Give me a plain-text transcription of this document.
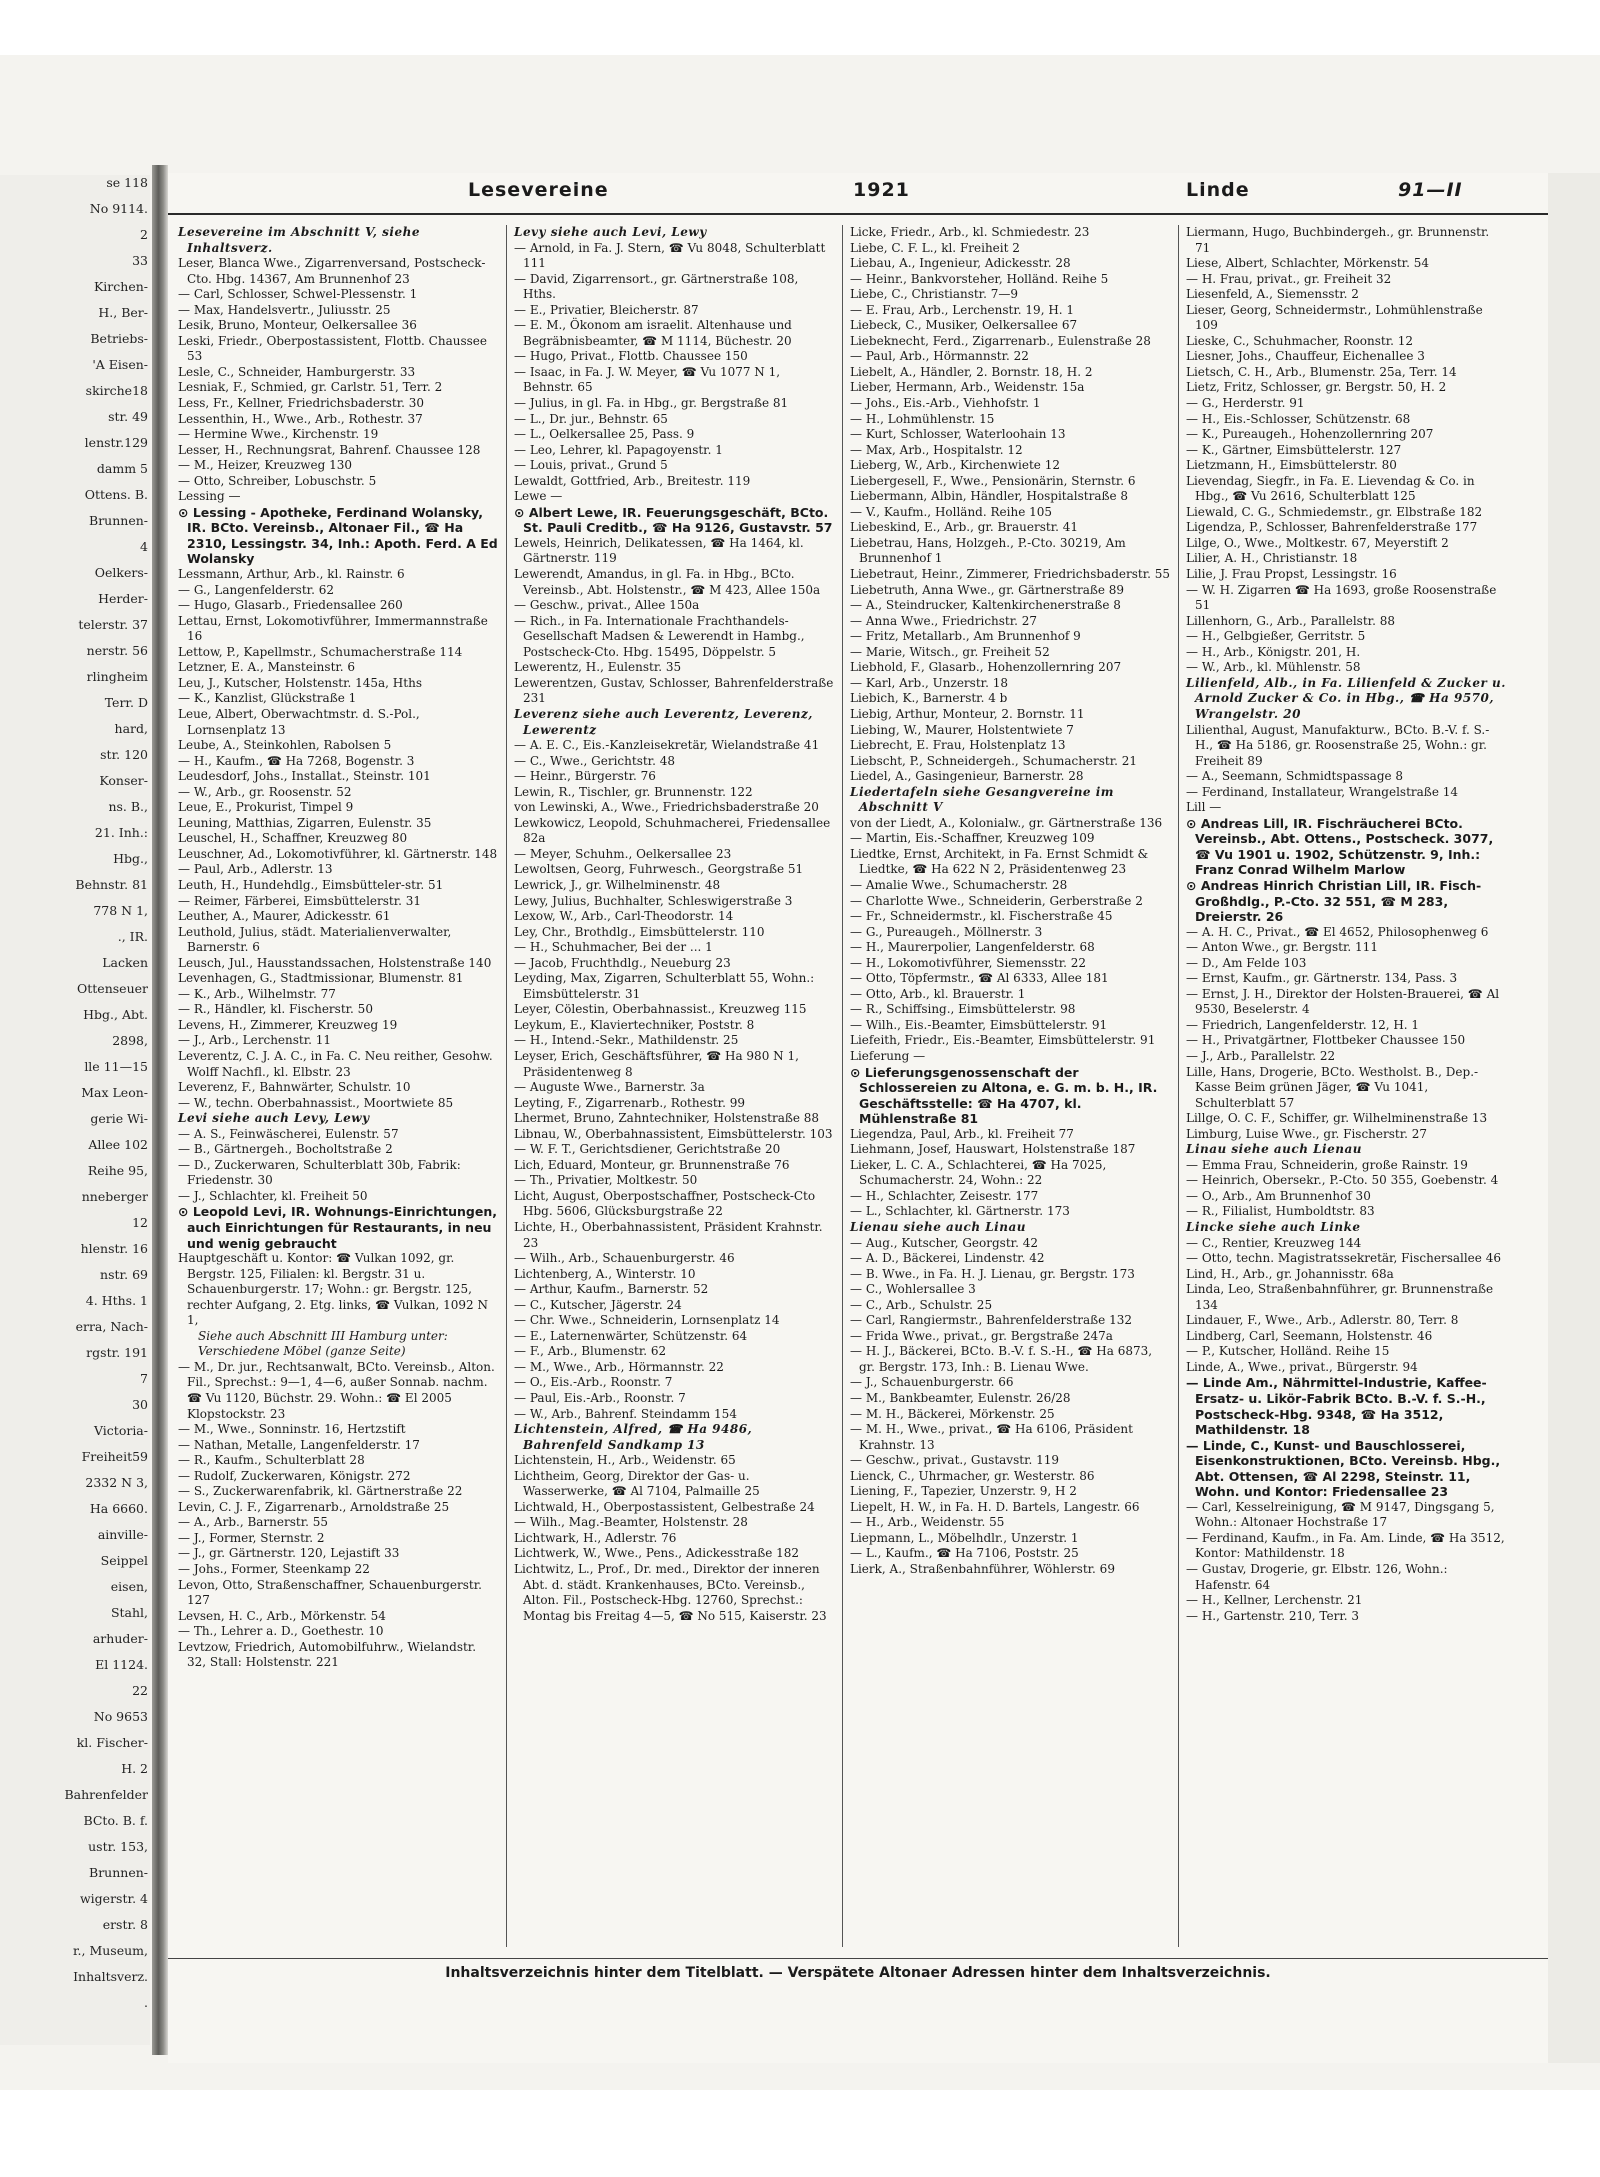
se 118
No 9114.
2
33
Kirchen-
H., Ber-
Betriebs-
'A Eisen-
skirche18
str. 49
lenstr.129
damm 5
Ottens. B.
Brunnen-
4
Oelkers-
Herder-
telerstr. 37
nerstr. 56
rlingheim
Terr. D
hard,
str. 120
Konser-
ns. B.,
21. Inh.:
Hbg.,
Behnstr. 81
778 N 1,
., IR.
Lacken
Ottenseuer
Hbg., Abt.
2898,
lle 11—15
Max Leon-
gerie Wi-
Allee 102
Reihe 95,
nneberger
12
hlenstr. 16
nstr. 69
4. Hths. 1
erra, Nach-
rgstr. 191
7
30
Victoria-
Freiheit59
2332 N 3,
Ha 6660.
ainville-
Seippel
eisen,
Stahl,
arhuder-
El 1124.
22
No 9653
kl. Fischer-
H. 2
Bahrenfelder
BCto. B. f.
ustr. 153,
Brunnen-
wigerstr. 4
erstr. 8
r., Museum,
Inhaltsverz.
.
Lesevereine	1921	Linde	91—II
Lesevereine im Abschnitt V, siehe Inhaltsverz.
Leser, Blanca Wwe., Zigarrenversand, Postscheck-Cto. Hbg. 14367, Am Brunnenhof 23
— Carl, Schlosser, Schwel-Plessenstr. 1
— Max, Handelsvertr., Juliusstr. 25
Lesik, Bruno, Monteur, Oelkersallee 36
Leski, Friedr., Oberpostassistent, Flottb. Chaussee 53
Lesle, C., Schneider, Hamburgerstr. 33
Lesniak, F., Schmied, gr. Carlstr. 51, Terr. 2
Less, Fr., Kellner, Friedrichsbaderstr. 30
Lessenthin, H., Wwe., Arb., Rothestr. 37
— Hermine Wwe., Kirchenstr. 19
Lesser, H., Rechnungsrat, Bahrenf. Chaussee 128
— M., Heizer, Kreuzweg 130
— Otto, Schreiber, Lobuschstr. 5
Lessing —
⊙ Lessing - Apotheke, Ferdinand Wolansky, IR. BCto. Vereinsb., Altonaer Fil., ☎ Ha 2310, Lessingstr. 34, Inh.: Apoth. Ferd. A Ed Wolansky
Lessmann, Arthur, Arb., kl. Rainstr. 6
— G., Langenfelderstr. 62
— Hugo, Glasarb., Friedensallee 260
Lettau, Ernst, Lokomotivführer, Immermannstraße 16
Lettow, P., Kapellmstr., Schumacherstraße 114
Letzner, E. A., Mansteinstr. 6
Leu, J., Kutscher, Holstenstr. 145a, Hths
— K., Kanzlist, Glückstraße 1
Leue, Albert, Oberwachtmstr. d. S.-Pol., Lornsenplatz 13
Leube, A., Steinkohlen, Rabolsen 5
— H., Kaufm., ☎ Ha 7268, Bogenstr. 3
Leudesdorf, Johs., Installat., Steinstr. 101
— W., Arb., gr. Roosenstr. 52
Leue, E., Prokurist, Timpel 9
Leuning, Matthias, Zigarren, Eulenstr. 35
Leuschel, H., Schaffner, Kreuzweg 80
Leuschner, Ad., Lokomotivführer, kl. Gärtnerstr. 148
— Paul, Arb., Adlerstr. 13
Leuth, H., Hundehdlg., Eimsbütteler-str. 51
— Reimer, Färberei, Eimsbüttelerstr. 31
Leuther, A., Maurer, Adickesstr. 61
Leuthold, Julius, städt. Materialienverwalter, Barnerstr. 6
Leusch, Jul., Hausstandssachen, Holstenstraße 140
Levenhagen, G., Stadtmissionar, Blumenstr. 81
— K., Arb., Wilhelmstr. 77
— R., Händler, kl. Fischerstr. 50
Levens, H., Zimmerer, Kreuzweg 19
— J., Arb., Lerchenstr. 11
Leverentz, C. J. A. C., in Fa. C. Neu reither, Gesohw. Wolff Nachfl., kl. Elbstr. 23
Leverenz, F., Bahnwärter, Schulstr. 10
— W., techn. Oberbahnassist., Moortwiete 85
Levi siehe auch Levy, Lewy
— A. S., Feinwäscherei, Eulenstr. 57
— B., Gärtnergeh., Bocholtstraße 2
— D., Zuckerwaren, Schulterblatt 30b, Fabrik: Friedenstr. 30
— J., Schlachter, kl. Freiheit 50
⊙ Leopold Levi, IR. Wohnungs-Einrichtungen, auch Einrichtungen für Restaurants, in neu und wenig gebraucht
Hauptgeschäft u. Kontor: ☎ Vulkan 1092, gr. Bergstr. 125, Filialen: kl. Bergstr. 31 u. Schauenburgerstr. 17; Wohn.: gr. Bergstr. 125, rechter Aufgang, 2. Etg. links, ☎ Vulkan, 1092 N 1,
Siehe auch Abschnitt III Hamburg unter: Verschiedene Möbel (ganze Seite)
— M., Dr. jur., Rechtsanwalt, BCto. Vereinsb., Alton. Fil., Sprechst.: 9—1, 4—6, außer Sonnab. nachm. ☎ Vu 1120, Büchstr. 29. Wohn.: ☎ El 2005 Klopstockstr. 23
— M., Wwe., Sonninstr. 16, Hertzstift
— Nathan, Metalle, Langenfelderstr. 17
— R., Kaufm., Schulterblatt 28
— Rudolf, Zuckerwaren, Königstr. 272
— S., Zuckerwarenfabrik, kl. Gärtnerstraße 22
Levin, C. J. F., Zigarrenarb., Arnoldstraße 25
— A., Arb., Barnerstr. 55
— J., Former, Sternstr. 2
— J., gr. Gärtnerstr. 120, Lejastift 33
— Johs., Former, Steenkamp 22
Levon, Otto, Straßenschaffner, Schauenburgerstr. 127
Levsen, H. C., Arb., Mörkenstr. 54
— Th., Lehrer a. D., Goethestr. 10
Levtzow, Friedrich, Automobilfuhrw., Wielandstr. 32, Stall: Holstenstr. 221
Levy siehe auch Levi, Lewy
— Arnold, in Fa. J. Stern, ☎ Vu 8048, Schulterblatt 111
— David, Zigarrensort., gr. Gärtnerstraße 108, Hths.
— E., Privatier, Bleicherstr. 87
— E. M., Ökonom am israelit. Altenhause und Begräbnisbeamter, ☎ M 1114, Büchestr. 20
— Hugo, Privat., Flottb. Chaussee 150
— Isaac, in Fa. J. W. Meyer, ☎ Vu 1077 N 1, Behnstr. 65
— Julius, in gl. Fa. in Hbg., gr. Bergstraße 81
— L., Dr. jur., Behnstr. 65
— L., Oelkersallee 25, Pass. 9
— Leo, Lehrer, kl. Papagoyenstr. 1
— Louis, privat., Grund 5
Lewaldt, Gottfried, Arb., Breitestr. 119
Lewe —
⊙ Albert Lewe, IR. Feuerungsgeschäft, BCto. St. Pauli Creditb., ☎ Ha 9126, Gustavstr. 57
Lewels, Heinrich, Delikatessen, ☎ Ha 1464, kl. Gärtnerstr. 119
Lewerendt, Amandus, in gl. Fa. in Hbg., BCto. Vereinsb., Abt. Holstenstr., ☎ M 423, Allee 150a
— Geschw., privat., Allee 150a
— Rich., in Fa. Internationale Frachthandels-Gesellschaft Madsen & Lewerendt in Hambg., Postscheck-Cto. Hbg. 15495, Döppelstr. 5
Lewerentz, H., Eulenstr. 35
Lewerentzen, Gustav, Schlosser, Bahrenfelderstraße 231
Leverenz siehe auch Leverentz, Leverenz, Lewerentz
— A. E. C., Eis.-Kanzleisekretär, Wielandstraße 41
— C., Wwe., Gerichtstr. 48
— Heinr., Bürgerstr. 76
Lewin, R., Tischler, gr. Brunnenstr. 122
von Lewinski, A., Wwe., Friedrichsbaderstraße 20
Lewkowicz, Leopold, Schuhmacherei, Friedensallee 82a
— Meyer, Schuhm., Oelkersallee 23
Lewoltsen, Georg, Fuhrwesch., Georgstraße 51
Lewrick, J., gr. Wilhelminenstr. 48
Lewy, Julius, Buchhalter, Schleswigerstraße 3
Lexow, W., Arb., Carl-Theodorstr. 14
Ley, Chr., Brothdlg., Eimsbüttelerstr. 110
— H., Schuhmacher, Bei der ... 1
— Jacob, Fruchthdlg., Neueburg 23
Leyding, Max, Zigarren, Schulterblatt 55, Wohn.: Eimsbüttelerstr. 31
Leyer, Cölestin, Oberbahnassist., Kreuzweg 115
Leykum, E., Klaviertechniker, Poststr. 8
— H., Intend.-Sekr., Mathildenstr. 25
Leyser, Erich, Geschäftsführer, ☎ Ha 980 N 1, Präsidentenweg 8
— Auguste Wwe., Barnerstr. 3a
Leyting, F., Zigarrenarb., Rothestr. 99
Lhermet, Bruno, Zahntechniker, Holstenstraße 88
Libnau, W., Oberbahnassistent, Eimsbüttelerstr. 103
— W. F. T., Gerichtsdiener, Gerichtstraße 20
Lich, Eduard, Monteur, gr. Brunnenstraße 76
— Th., Privatier, Moltkestr. 50
Licht, August, Oberpostschaffner, Postscheck-Cto Hbg. 5606, Glücksburgstraße 22
Lichte, H., Oberbahnassistent, Präsident Krahnstr. 23
— Wilh., Arb., Schauenburgerstr. 46
Lichtenberg, A., Winterstr. 10
— Arthur, Kaufm., Barnerstr. 52
— C., Kutscher, Jägerstr. 24
— Chr. Wwe., Schneiderin, Lornsenplatz 14
— E., Laternenwärter, Schützenstr. 64
— F., Arb., Blumenstr. 62
— M., Wwe., Arb., Hörmannstr. 22
— O., Eis.-Arb., Roonstr. 7
— Paul, Eis.-Arb., Roonstr. 7
— W., Arb., Bahrenf. Steindamm 154
Lichtenstein, Alfred, ☎ Ha 9486, Bahrenfeld Sandkamp 13
Lichtenstein, H., Arb., Weidenstr. 65
Lichtheim, Georg, Direktor der Gas- u. Wasserwerke, ☎ Al 7104, Palmaille 25
Lichtwald, H., Oberpostassistent, Gelbestraße 24
— Wilh., Mag.-Beamter, Holstenstr. 28
Lichtwark, H., Adlerstr. 76
Lichtwerk, W., Wwe., Pens., Adickesstraße 182
Lichtwitz, L., Prof., Dr. med., Direktor der inneren Abt. d. städt. Krankenhauses, BCto. Vereinsb., Alton. Fil., Postscheck-Hbg. 12760, Sprechst.: Montag bis Freitag 4—5, ☎ No 515, Kaiserstr. 23
Licke, Friedr., Arb., kl. Schmiedestr. 23
Liebe, C. F. L., kl. Freiheit 2
Liebau, A., Ingenieur, Adickesstr. 28
— Heinr., Bankvorsteher, Holländ. Reihe 5
Liebe, C., Christianstr. 7—9
— E. Frau, Arb., Lerchenstr. 19, H. 1
Liebeck, C., Musiker, Oelkersallee 67
Liebeknecht, Ferd., Zigarrenarb., Eulenstraße 28
— Paul, Arb., Hörmannstr. 22
Liebelt, A., Händler, 2. Bornstr. 18, H. 2
Lieber, Hermann, Arb., Weidenstr. 15a
— Johs., Eis.-Arb., Viehhofstr. 1
— H., Lohmühlenstr. 15
— Kurt, Schlosser, Waterloohain 13
— Max, Arb., Hospitalstr. 12
Lieberg, W., Arb., Kirchenwiete 12
Liebergesell, F., Wwe., Pensionärin, Sternstr. 6
Liebermann, Albin, Händler, Hospitalstraße 8
— V., Kaufm., Holländ. Reihe 105
Liebeskind, E., Arb., gr. Brauerstr. 41
Liebetrau, Hans, Holzgeh., P.-Cto. 30219, Am Brunnenhof 1
Liebetraut, Heinr., Zimmerer, Friedrichsbaderstr. 55
Liebetruth, Anna Wwe., gr. Gärtnerstraße 89
— A., Steindrucker, Kaltenkirchenerstraße 8
— Anna Wwe., Friedrichstr. 27
— Fritz, Metallarb., Am Brunnenhof 9
— Marie, Witsch., gr. Freiheit 52
Liebhold, F., Glasarb., Hohenzollernring 207
— Karl, Arb., Unzerstr. 18
Liebich, K., Barnerstr. 4 b
Liebig, Arthur, Monteur, 2. Bornstr. 11
Liebing, W., Maurer, Holstentwiete 7
Liebrecht, E. Frau, Holstenplatz 13
Liebscht, P., Schneidergeh., Schumacherstr. 21
Liedel, A., Gasingenieur, Barnerstr. 28
Liedertafeln siehe Gesangvereine im Abschnitt V
von der Liedt, A., Kolonialw., gr. Gärtnerstraße 136
— Martin, Eis.-Schaffner, Kreuzweg 109
Liedtke, Ernst, Architekt, in Fa. Ernst Schmidt & Liedtke, ☎ Ha 622 N 2, Präsidentenweg 23
— Amalie Wwe., Schumacherstr. 28
— Charlotte Wwe., Schneiderin, Gerberstraße 2
— Fr., Schneidermstr., kl. Fischerstraße 45
— G., Pureaugeh., Möllnerstr. 3
— H., Maurerpolier, Langenfelderstr. 68
— H., Lokomotivführer, Siemensstr. 22
— Otto, Töpfermstr., ☎ Al 6333, Allee 181
— Otto, Arb., kl. Brauerstr. 1
— R., Schiffsing., Eimsbüttelerstr. 98
— Wilh., Eis.-Beamter, Eimsbüttelerstr. 91
Liefeith, Friedr., Eis.-Beamter, Eimsbüttelerstr. 91
Lieferung —
⊙ Lieferungsgenossenschaft der Schlossereien zu Altona, e. G. m. b. H., IR. Geschäftsstelle: ☎ Ha 4707, kl. Mühlenstraße 81
Liegendza, Paul, Arb., kl. Freiheit 77
Liehmann, Josef, Hauswart, Holstenstraße 187
Lieker, L. C. A., Schlachterei, ☎ Ha 7025, Schumacherstr. 24, Wohn.: 22
— H., Schlachter, Zeisestr. 177
— L., Schlachter, kl. Gärtnerstr. 173
Lienau siehe auch Linau
— Aug., Kutscher, Georgstr. 42
— A. D., Bäckerei, Lindenstr. 42
— B. Wwe., in Fa. H. J. Lienau, gr. Bergstr. 173
— C., Wohlersallee 3
— C., Arb., Schulstr. 25
— Carl, Rangiermstr., Bahrenfelderstraße 132
— Frida Wwe., privat., gr. Bergstraße 247a
— H. J., Bäckerei, BCto. B.-V. f. S.-H., ☎ Ha 6873, gr. Bergstr. 173, Inh.: B. Lienau Wwe.
— J., Schauenburgerstr. 66
— M., Bankbeamter, Eulenstr. 26/28
— M. H., Bäckerei, Mörkenstr. 25
— M. H., Wwe., privat., ☎ Ha 6106, Präsident Krahnstr. 13
— Geschw., privat., Gustavstr. 119
Lienck, C., Uhrmacher, gr. Westerstr. 86
Liening, F., Tapezier, Unzerstr. 9, H 2
Liepelt, H. W., in Fa. H. D. Bartels, Langestr. 66
— H., Arb., Weidenstr. 55
Liepmann, L., Möbelhdlr., Unzerstr. 1
— L., Kaufm., ☎ Ha 7106, Poststr. 25
Lierk, A., Straßenbahnführer, Wöhlerstr. 69
Liermann, Hugo, Buchbindergeh., gr. Brunnenstr. 71
Liese, Albert, Schlachter, Mörkenstr. 54
— H. Frau, privat., gr. Freiheit 32
Liesenfeld, A., Siemensstr. 2
Lieser, Georg, Schneidermstr., Lohmühlenstraße 109
Lieske, C., Schuhmacher, Roonstr. 12
Liesner, Johs., Chauffeur, Eichenallee 3
Lietsch, C. H., Arb., Blumenstr. 25a, Terr. 14
Lietz, Fritz, Schlosser, gr. Bergstr. 50, H. 2
— G., Herderstr. 91
— H., Eis.-Schlosser, Schützenstr. 68
— K., Pureaugeh., Hohenzollernring 207
— K., Gärtner, Eimsbüttelerstr. 127
Lietzmann, H., Eimsbüttelerstr. 80
Lievendag, Siegfr., in Fa. E. Lievendag & Co. in Hbg., ☎ Vu 2616, Schulterblatt 125
Liewald, C. G., Schmiedemstr., gr. Elbstraße 182
Ligendza, P., Schlosser, Bahrenfelderstraße 177
Lilge, O., Wwe., Moltkestr. 67, Meyerstift 2
Lilier, A. H., Christianstr. 18
Lilie, J. Frau Propst, Lessingstr. 16
— W. H. Zigarren ☎ Ha 1693, große Roosenstraße 51
Lillenhorn, G., Arb., Parallelstr. 88
— H., Gelbgießer, Gerritstr. 5
— H., Arb., Königstr. 201, H.
— W., Arb., kl. Mühlenstr. 58
Lilienfeld, Alb., in Fa. Lilienfeld & Zucker u. Arnold Zucker & Co. in Hbg., ☎ Ha 9570, Wrangelstr. 20
Lilienthal, August, Manufakturw., BCto. B.-V. f. S.-H., ☎ Ha 5186, gr. Roosenstraße 25, Wohn.: gr. Freiheit 89
— A., Seemann, Schmidtspassage 8
— Ferdinand, Installateur, Wrangelstraße 14
Lill —
⊙ Andreas Lill, IR. Fischräucherei BCto. Vereinsb., Abt. Ottens., Postscheck. 3077, ☎ Vu 1901 u. 1902, Schützenstr. 9, Inh.: Franz Conrad Wilhelm Marlow
⊙ Andreas Hinrich Christian Lill, IR. Fisch-Großhdlg., P.-Cto. 32 551, ☎ M 283, Dreierstr. 26
— A. H. C., Privat., ☎ El 4652, Philosophenweg 6
— Anton Wwe., gr. Bergstr. 111
— D., Am Felde 103
— Ernst, Kaufm., gr. Gärtnerstr. 134, Pass. 3
— Ernst, J. H., Direktor der Holsten-Brauerei, ☎ Al 9530, Beselerstr. 4
— Friedrich, Langenfelderstr. 12, H. 1
— H., Privatgärtner, Flottbeker Chaussee 150
— J., Arb., Parallelstr. 22
Lille, Hans, Drogerie, BCto. Westholst. B., Dep.-Kasse Beim grünen Jäger, ☎ Vu 1041, Schulterblatt 57
Lillge, O. C. F., Schiffer, gr. Wilhelminenstraße 13
Limburg, Luise Wwe., gr. Fischerstr. 27
Linau siehe auch Lienau
— Emma Frau, Schneiderin, große Rainstr. 19
— Heinrich, Obersekr., P.-Cto. 50 355, Goebenstr. 4
— O., Arb., Am Brunnenhof 30
— R., Filialist, Humboldtstr. 83
Lincke siehe auch Linke
— C., Rentier, Kreuzweg 144
— Otto, techn. Magistratssekretär, Fischersallee 46
Lind, H., Arb., gr. Johannisstr. 68a
Linda, Leo, Straßenbahnführer, gr. Brunnenstraße 134
Lindauer, F., Wwe., Arb., Adlerstr. 80, Terr. 8
Lindberg, Carl, Seemann, Holstenstr. 46
— P., Kutscher, Holländ. Reihe 15
Linde, A., Wwe., privat., Bürgerstr. 94
— Linde Am., Nährmittel-Industrie, Kaffee-Ersatz- u. Likör-Fabrik BCto. B.-V. f. S.-H., Postscheck-Hbg. 9348, ☎ Ha 3512, Mathildenstr. 18
— Linde, C., Kunst- und Bauschlosserei, Eisenkonstruktionen, BCto. Vereinsb. Hbg., Abt. Ottensen, ☎ Al 2298, Steinstr. 11, Wohn. und Kontor: Friedensallee 23
— Carl, Kesselreinigung, ☎ M 9147, Dingsgang 5, Wohn.: Altonaer Hochstraße 17
— Ferdinand, Kaufm., in Fa. Am. Linde, ☎ Ha 3512, Kontor: Mathildenstr. 18
— Gustav, Drogerie, gr. Elbstr. 126, Wohn.: Hafenstr. 64
— H., Kellner, Lerchenstr. 21
— H., Gartenstr. 210, Terr. 3
Inhaltsverzeichnis hinter dem Titelblatt. — Verspätete Altonaer Adressen hinter dem Inhaltsverzeichnis.
